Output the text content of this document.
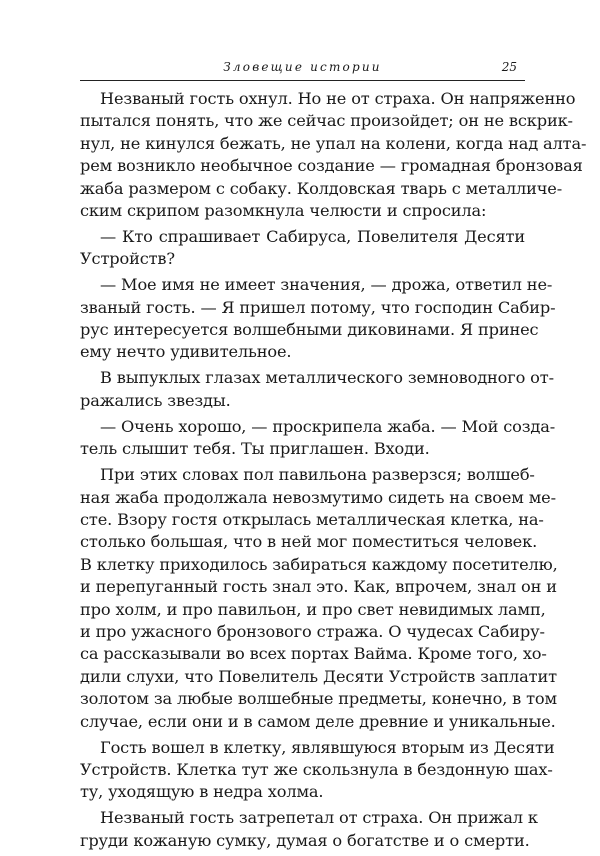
Зловещие истории	25
Незваный гость охнул. Но не от страха. Он напряженно
пытался понять, что же сейчас произойдет; он не вскрик-
нул, не кинулся бежать, не упал на колени, когда над алта-
рем возникло необычное создание — громадная бронзовая
жаба размером с собаку. Колдовская тварь с металличе-
ским скрипом разомкнула челюсти и спросила:
— Кто спрашивает Сабируса, Повелителя Десяти
Устройств?
— Мое имя не имеет значения, — дрожа, ответил не-
званый гость. — Я пришел потому, что господин Сабир-
рус интересуется волшебными диковинами. Я принес
ему нечто удивительное.
В выпуклых глазах металлического земноводного от-
ражались звезды.
— Очень хорошо, — проскрипела жаба. — Мой созда-
тель слышит тебя. Ты приглашен. Входи.
При этих словах пол павильона разверзся; волшеб-
ная жаба продолжала невозмутимо сидеть на своем ме-
сте. Взору гостя открылась металлическая клетка, на-
столько большая, что в ней мог поместиться человек.
В клетку приходилось забираться каждому посетителю,
и перепуганный гость знал это. Как, впрочем, знал он и
про холм, и про павильон, и про свет невидимых ламп,
и про ужасного бронзового стража. О чудесах Сабиру-
са рассказывали во всех портах Вайма. Кроме того, хо-
дили слухи, что Повелитель Десяти Устройств заплатит
золотом за любые волшебные предметы, конечно, в том
случае, если они и в самом деле древние и уникальные.
Гость вошел в клетку, являвшуюся вторым из Десяти
Устройств. Клетка тут же скользнула в бездонную шах-
ту, уходящую в недра холма.
Незваный гость затрепетал от страха. Он прижал к
груди кожаную сумку, думая о богатстве и о смерти.
